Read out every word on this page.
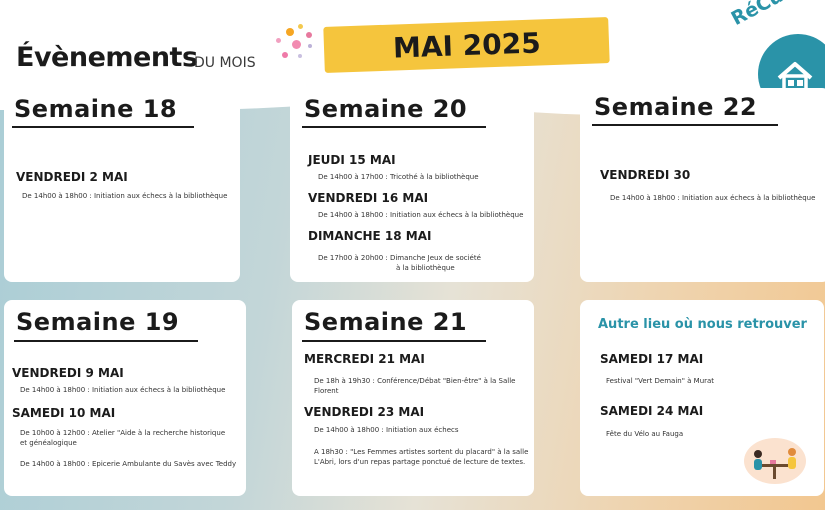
Évènements
DU MOIS	MAI 2025
Semaine 18
VENDREDI 2 MAI
De 14h00 à 18h00 : Initiation aux échecs à la bibliothèque
Semaine 20
JEUDI 15 MAI
De 14h00 à 17h00 : Tricothé à la bibliothèque
VENDREDI 16 MAI
De 14h00 à 18h00 : Initiation aux échecs à la bibliothèque
DIMANCHE 18 MAI
De 17h00 à 20h00 : Dimanche Jeux de société
à la bibliothèque
Semaine 22
VENDREDI 30
De 14h00 à 18h00 : Initiation aux échecs à la bibliothèque
Semaine 19
VENDREDI 9 MAI
De 14h00 à 18h00 : Initiation aux échecs à la bibliothèque
SAMEDI 10 MAI
De 10h00 à 12h00 : Atelier "Aide à la recherche historique
et généalogique
De 14h00 à 18h00 : Epicerie Ambulante du Savès avec Teddy
Semaine 21
MERCREDI 21 MAI
De 18h à 19h30 : Conférence/Débat "Bien-être" à la Salle
Florent
VENDREDI 23 MAI
De 14h00 à 18h00 : Initiation aux échecs
A 18h30 : "Les Femmes artistes sortent du placard" à la salle
L'Abri, lors d'un repas partage ponctué de lecture de textes.
Autre lieu où nous retrouver
SAMEDI 17 MAI
Festival "Vert Demain" à Murat
SAMEDI 24 MAI
Fête du Vélo au Fauga
